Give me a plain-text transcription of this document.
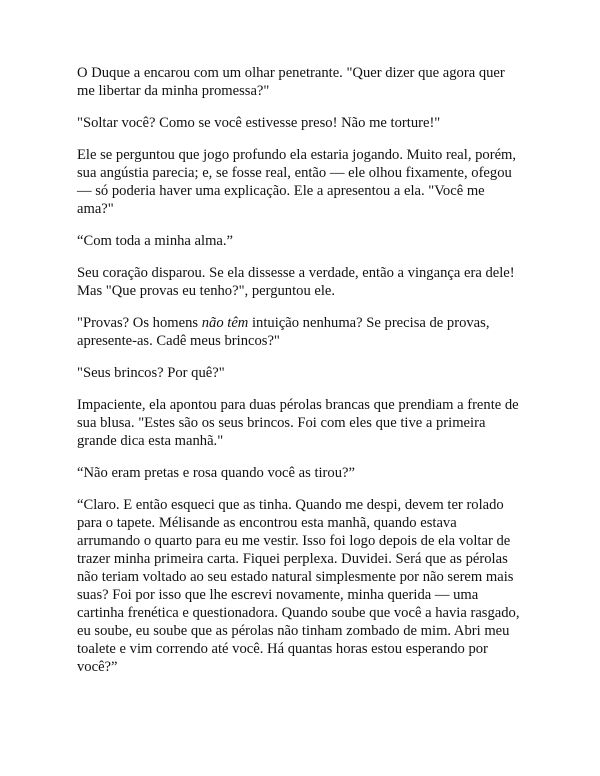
O Duque a encarou com um olhar penetrante. "Quer dizer que agora quer
me libertar da minha promessa?"

"Soltar você? Como se você estivesse preso! Não me torture!"

Ele se perguntou que jogo profundo ela estaria jogando. Muito real, porém,
sua angústia parecia; e, se fosse real, então — ele olhou fixamente, ofegou
— só poderia haver uma explicação. Ele a apresentou a ela. "Você me
ama?"

“Com toda a minha alma.”

Seu coração disparou. Se ela dissesse a verdade, então a vingança era dele!
Mas "Que provas eu tenho?", perguntou ele.

"Provas? Os homens não têm intuição nenhuma? Se precisa de provas,
apresente-as. Cadê meus brincos?"

"Seus brincos? Por quê?"

Impaciente, ela apontou para duas pérolas brancas que prendiam a frente de
sua blusa. "Estes são os seus brincos. Foi com eles que tive a primeira
grande dica esta manhã."

“Não eram pretas e rosa quando você as tirou?”

“Claro. E então esqueci que as tinha. Quando me despi, devem ter rolado
para o tapete. Mélisande as encontrou esta manhã, quando estava
arrumando o quarto para eu me vestir. Isso foi logo depois de ela voltar de
trazer minha primeira carta. Fiquei perplexa. Duvidei. Será que as pérolas
não teriam voltado ao seu estado natural simplesmente por não serem mais
suas? Foi por isso que lhe escrevi novamente, minha querida — uma
cartinha frenética e questionadora. Quando soube que você a havia rasgado,
eu soube, eu soube que as pérolas não tinham zombado de mim. Abri meu
toalete e vim correndo até você. Há quantas horas estou esperando por
você?”
